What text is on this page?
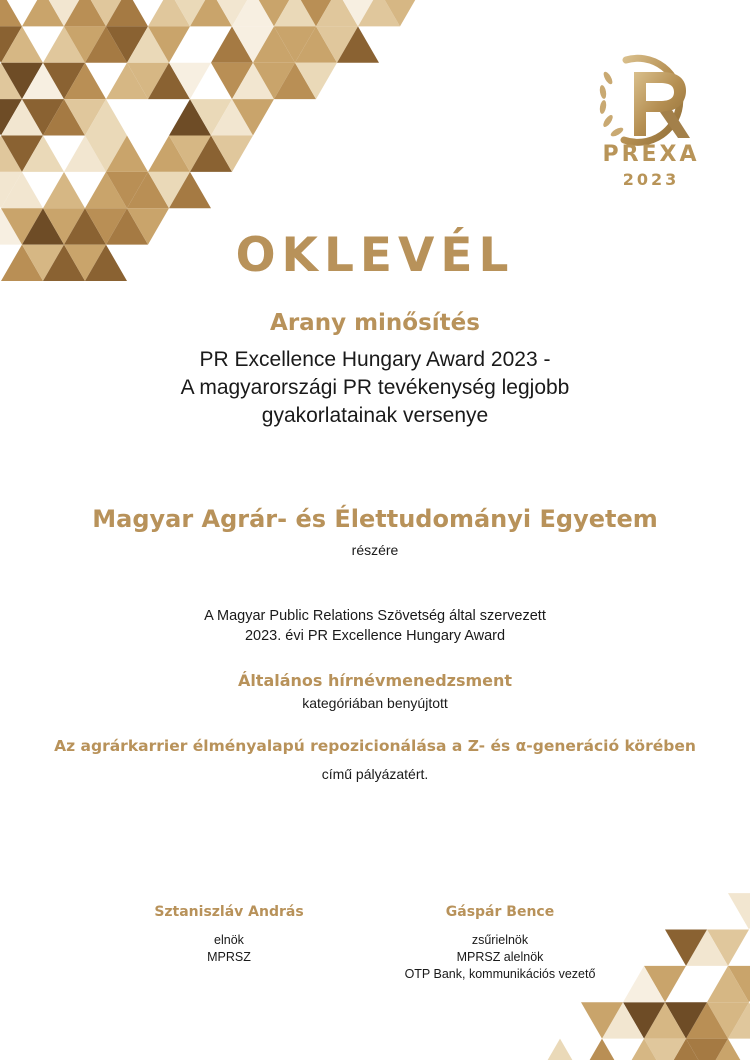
PREXA
2023
OKLEVÉL
Arany minősítés
PR Excellence Hungary Award 2023 -
A magyarországi PR tevékenység legjobb
gyakorlatainak versenye
Magyar Agrár- és Élettudományi Egyetem
részére
A Magyar Public Relations Szövetség által szervezett
2023. évi PR Excellence Hungary Award
Általános hírnévmenedzsment
kategóriában benyújtott
Az agrárkarrier élményalapú repozicionálása a Z- és α-generáció körében
című pályázatért.
Sztaniszláv András
elnök
MPRSZ
Gáspár Bence
zsűrielnök
MPRSZ alelnök
OTP Bank, kommunikációs vezető
